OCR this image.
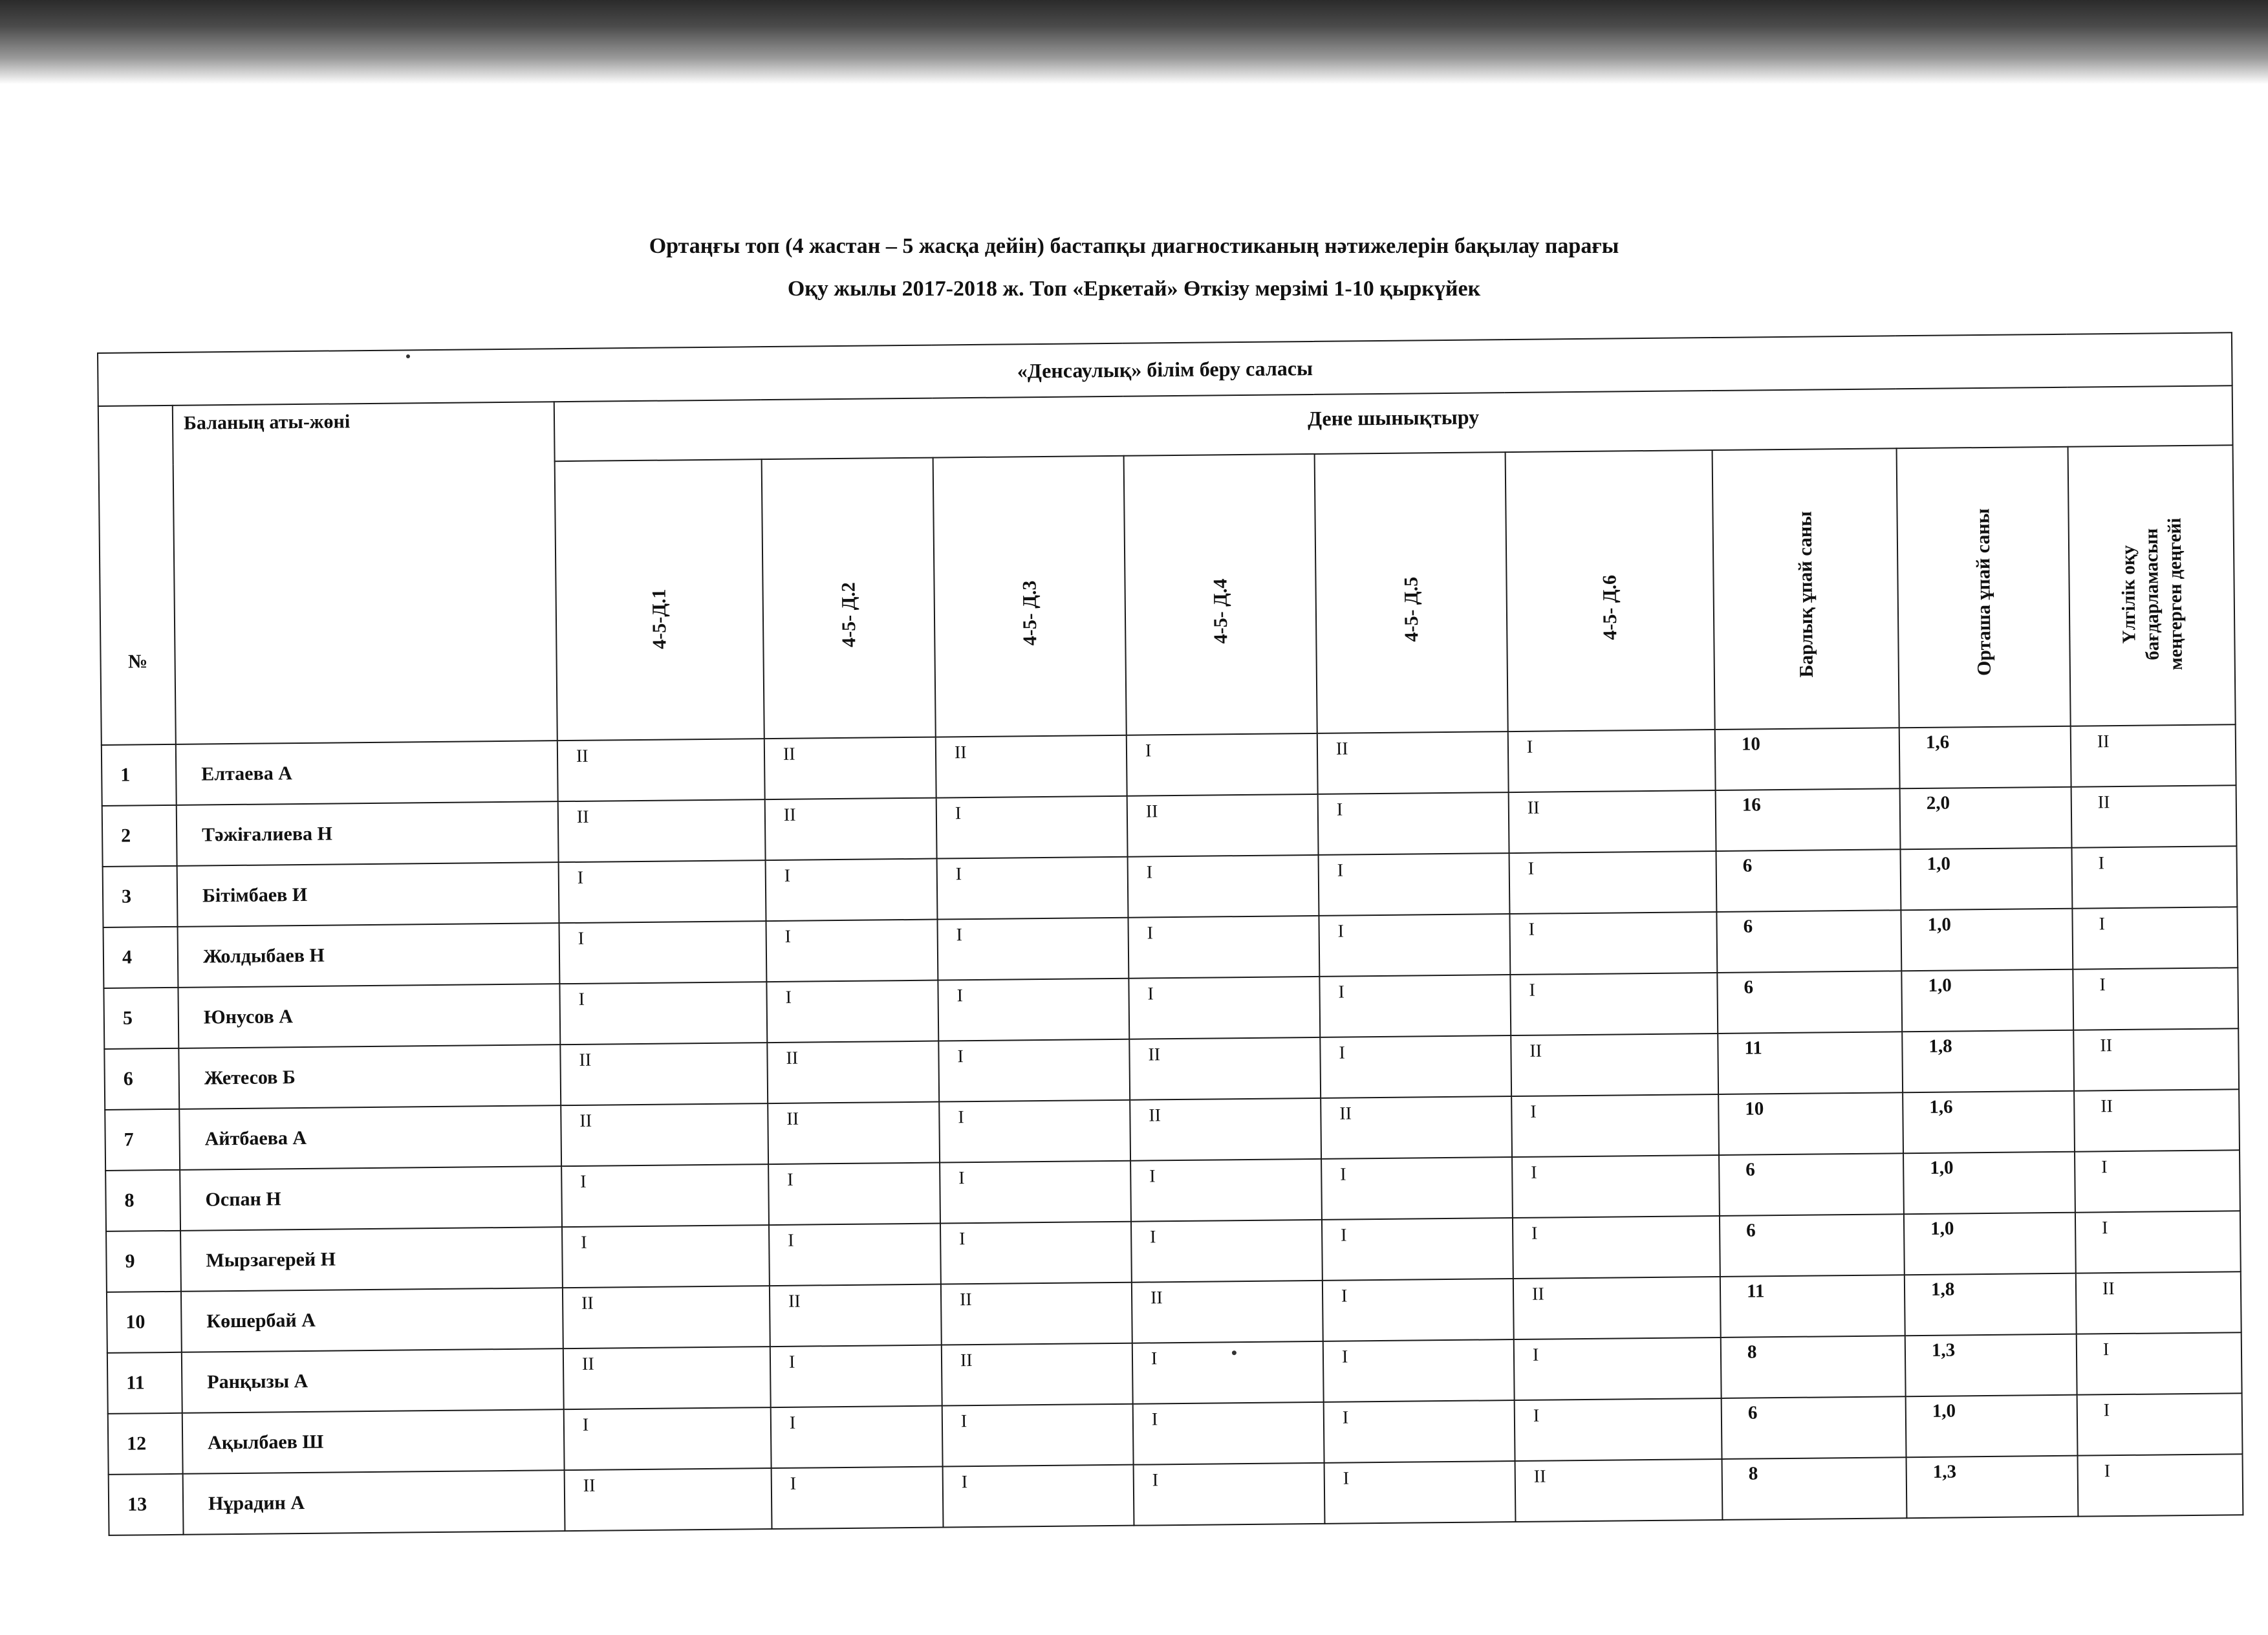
Ортаңғы топ (4 жастан – 5 жасқа дейін) бастапқы диагностиканың нәтижелерін бақылау парағы
Оқу жылы 2017-2018 ж. Топ «Еркетай» Өткізу мерзімі 1-10 қыркүйек
«Денсаулық» білім беру саласы										
№	Баланың аты-жөні	Дене шынықтыру								

		4-5-Д.1	4-5- Д.2	4-5- Д.3	4-5- Д.4	4-5- Д.5	4-5- Д.6	Барлық ұпай саны	Орташа ұпай саны	Үлгілік оқу
бағдарламасын
меңгерген деңгейі

1	Елтаева А	II	II	II	I	II	I	10	1,6	II

2	Тәжіғалиева Н	II	II	I	II	I	II	16	2,0	II

3	Бітімбаев И	I	I	I	I	I	I	6	1,0	I

4	Жолдыбаев Н	I	I	I	I	I	I	6	1,0	I

5	Юнусов А	I	I	I	I	I	I	6	1,0	I

6	Жетесов Б	II	II	I	II	I	II	11	1,8	II

7	Айтбаева А	II	II	I	II	II	I	10	1,6	II

8	Оспан Н	I	I	I	I	I	I	6	1,0	I

9	Мырзагерей Н	I	I	I	I	I	I	6	1,0	I

10	Көшербай А	II	II	II	II	I	II	11	1,8	II

11	Ранқызы А	II	I	II	I	I	I	8	1,3	I

12	Ақылбаев Ш	I	I	I	I	I	I	6	1,0	I

13	Нұрадин А	II	I	I	I	I	II	8	1,3	I
